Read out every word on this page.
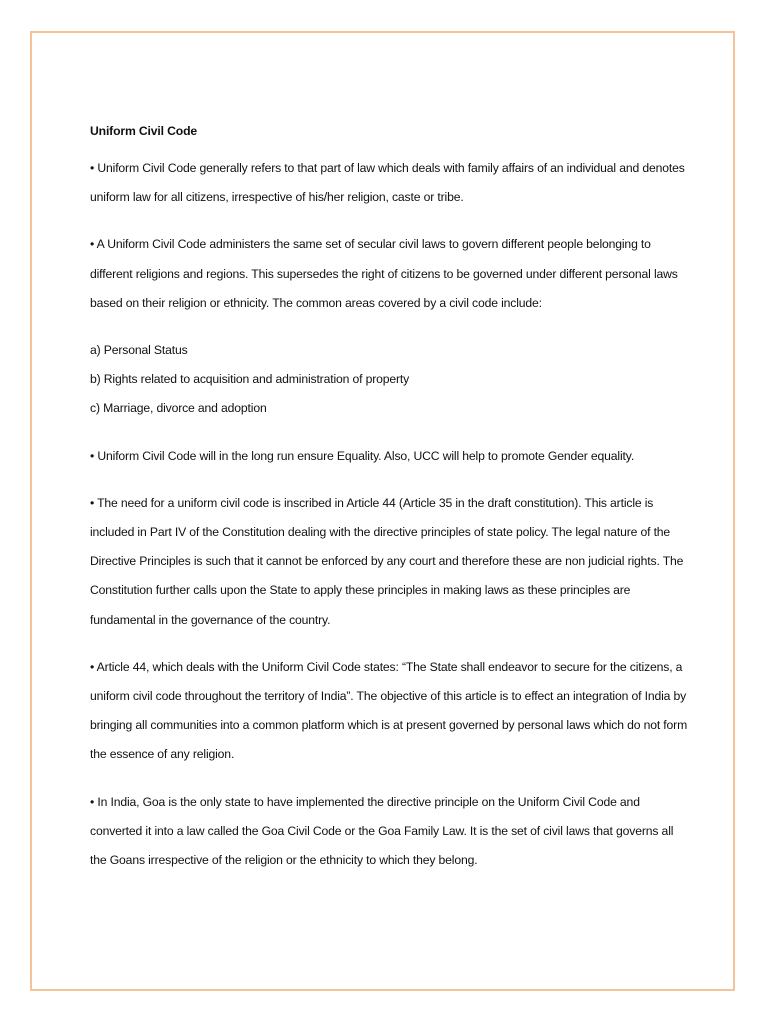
Uniform Civil Code

• Uniform Civil Code generally refers to that part of law which deals with family affairs of an individual and denotes uniform law for all citizens, irrespective of his/her religion, caste or tribe.

• A Uniform Civil Code administers the same set of secular civil laws to govern different people belonging to different religions and regions. This supersedes the right of citizens to be governed under different personal laws based on their religion or ethnicity. The common areas covered by a civil code include:

a) Personal Status
b) Rights related to acquisition and administration of property
c) Marriage, divorce and adoption

• Uniform Civil Code will in the long run ensure Equality. Also, UCC will help to promote Gender equality.

• The need for a uniform civil code is inscribed in Article 44 (Article 35 in the draft constitution). This article is included in Part IV of the Constitution dealing with the directive principles of state policy. The legal nature of the Directive Principles is such that it cannot be enforced by any court and therefore these are non judicial rights. The Constitution further calls upon the State to apply these principles in making laws as these principles are fundamental in the governance of the country.

• Article 44, which deals with the Uniform Civil Code states: “The State shall endeavor to secure for the citizens, a uniform civil code throughout the territory of India”. The objective of this article is to effect an integration of India by bringing all communities into a common platform which is at present governed by personal laws which do not form the essence of any religion.

• In India, Goa is the only state to have implemented the directive principle on the Uniform Civil Code and converted it into a law called the Goa Civil Code or the Goa Family Law. It is the set of civil laws that governs all the Goans irrespective of the religion or the ethnicity to which they belong.
